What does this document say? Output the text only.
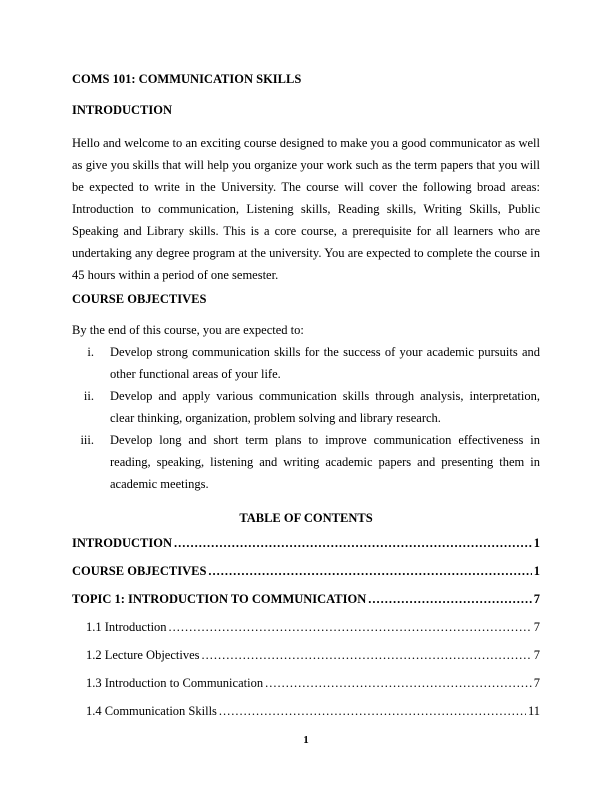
COMS 101: COMMUNICATION SKILLS
INTRODUCTION

Hello and welcome to an exciting course designed to make you a good communicator as well as give you skills that will help you organize your work such as the term papers that you will be expected to write in the University. The course will cover the following broad areas: Introduction to communication, Listening skills, Reading skills, Writing Skills, Public Speaking and Library skills. This is a core course, a prerequisite for all learners who are undertaking any degree program at the university. You are expected to complete the course in 45 hours within a period of one semester.

COURSE OBJECTIVES

By the end of this course, you are expected to:

i. Develop strong communication skills for the success of your academic pursuits and other functional areas of your life.
ii. Develop and apply various communication skills through analysis, interpretation, clear thinking, organization, problem solving and library research.
iii. Develop long and short term plans to improve communication effectiveness in reading, speaking, listening and writing academic papers and presenting them in academic meetings.
TABLE OF CONTENTS
INTRODUCTION .....	1
COURSE OBJECTIVES .....	1
TOPIC 1: INTRODUCTION TO COMMUNICATION .....	7
1.1 Introduction .....	7
1.2 Lecture Objectives .....	7
1.3 Introduction to Communication .....	7
1.4 Communication Skills .....	11
1
